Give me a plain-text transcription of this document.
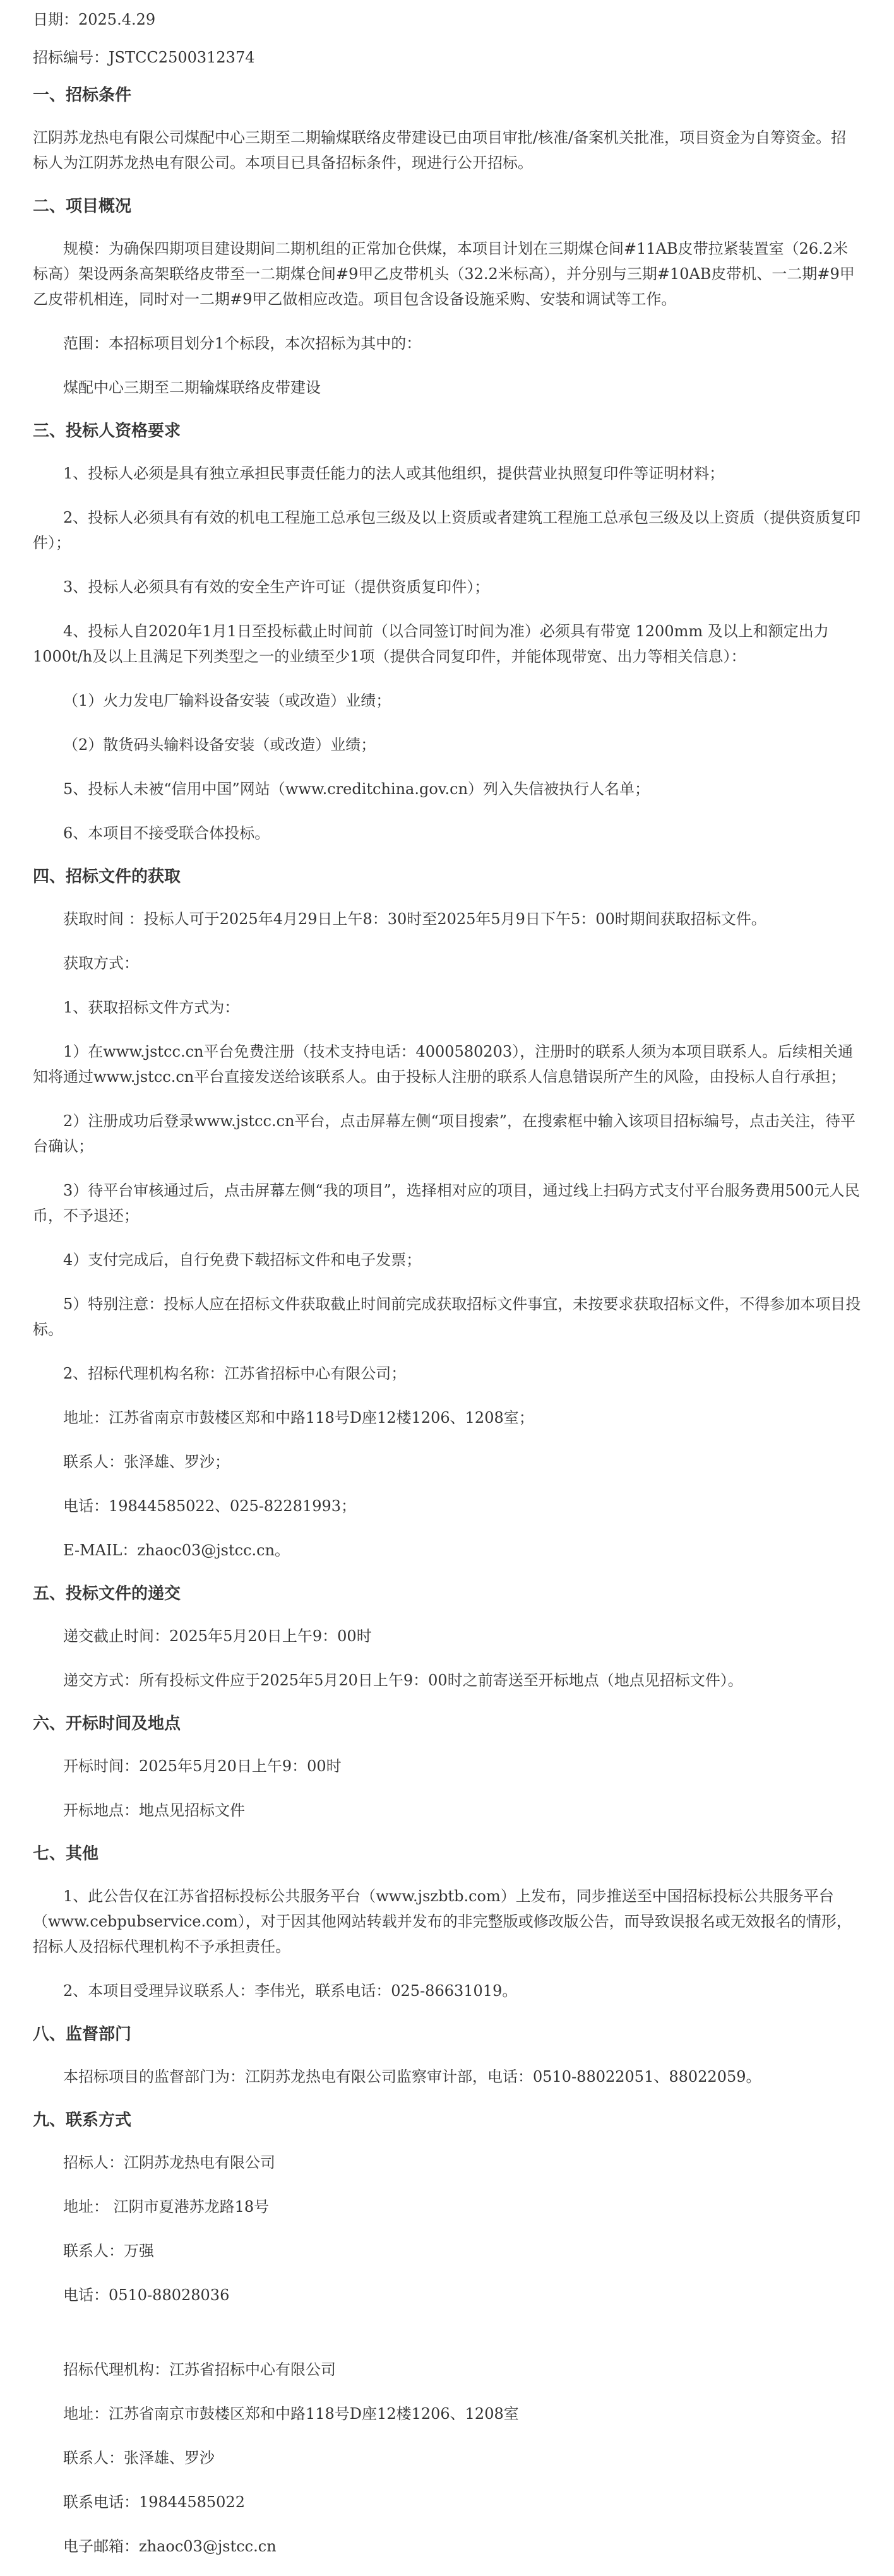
日期：2025.4.29
招标编号：JSTCC2500312374
一、招标条件
江阴苏龙热电有限公司煤配中心三期至二期输煤联络皮带建设已由项目审批/核准/备案机关批准，项目资金为自筹资金。招标人为江阴苏龙热电有限公司。本项目已具备招标条件，现进行公开招标。
二、项目概况
规模：为确保四期项目建设期间二期机组的正常加仓供煤，本项目计划在三期煤仓间#11AB皮带拉紧装置室（26.2米标高）架设两条高架联络皮带至一二期煤仓间#9甲乙皮带机头（32.2米标高），并分别与三期#10AB皮带机、一二期#9甲乙皮带机相连，同时对一二期#9甲乙做相应改造。项目包含设备设施采购、安装和调试等工作。
范围：本招标项目划分1个标段，本次招标为其中的：
煤配中心三期至二期输煤联络皮带建设
三、投标人资格要求
1、投标人必须是具有独立承担民事责任能力的法人或其他组织，提供营业执照复印件等证明材料；
2、投标人必须具有有效的机电工程施工总承包三级及以上资质或者建筑工程施工总承包三级及以上资质（提供资质复印件）；
3、投标人必须具有有效的安全生产许可证（提供资质复印件）；
4、投标人自2020年1月1日至投标截止时间前（以合同签订时间为准）必须具有带宽 1200mm 及以上和额定出力1000t/h及以上且满足下列类型之一的业绩至少1项（提供合同复印件，并能体现带宽、出力等相关信息）：
（1）火力发电厂输料设备安装（或改造）业绩；
（2）散货码头输料设备安装（或改造）业绩；
5、投标人未被“信用中国”网站（www.creditchina.gov.cn）列入失信被执行人名单；
6、本项目不接受联合体投标。
四、招标文件的获取
获取时间 ：投标人可于2025年4月29日上午8：30时至2025年5月9日下午5：00时期间获取招标文件。
获取方式：
1、获取招标文件方式为：
1）在www.jstcc.cn平台免费注册（技术支持电话：4000580203），注册时的联系人须为本项目联系人。后续相关通知将通过www.jstcc.cn平台直接发送给该联系人。由于投标人注册的联系人信息错误所产生的风险，由投标人自行承担；
2）注册成功后登录www.jstcc.cn平台，点击屏幕左侧“项目搜索”，在搜索框中输入该项目招标编号，点击关注，待平台确认；
3）待平台审核通过后，点击屏幕左侧“我的项目”，选择相对应的项目，通过线上扫码方式支付平台服务费用500元人民币，不予退还；
4）支付完成后，自行免费下载招标文件和电子发票；
5）特别注意：投标人应在招标文件获取截止时间前完成获取招标文件事宜，未按要求获取招标文件，不得参加本项目投标。
2、招标代理机构名称：江苏省招标中心有限公司；
地址：江苏省南京市鼓楼区郑和中路118号D座12楼1206、1208室；
联系人：张泽雄、罗沙；
电话：19844585022、025-82281993；
E-MAIL：zhaoc03@jstcc.cn。
五、投标文件的递交
递交截止时间：2025年5月20日上午9：00时
递交方式：所有投标文件应于2025年5月20日上午9：00时之前寄送至开标地点（地点见招标文件）。
六、开标时间及地点
开标时间：2025年5月20日上午9：00时
开标地点：地点见招标文件
七、其他
1、此公告仅在江苏省招标投标公共服务平台（www.jszbtb.com）上发布，同步推送至中国招标投标公共服务平台（www.cebpubservice.com），对于因其他网站转载并发布的非完整版或修改版公告，而导致误报名或无效报名的情形，招标人及招标代理机构不予承担责任。
2、本项目受理异议联系人：李伟光，联系电话：025-86631019。
八、监督部门
本招标项目的监督部门为：江阴苏龙热电有限公司监察审计部，电话：0510-88022051、88022059。
九、联系方式
招标人：江阴苏龙热电有限公司
地址： 江阴市夏港苏龙路18号
联系人：万强
电话：0510-88028036
招标代理机构：江苏省招标中心有限公司
地址：江苏省南京市鼓楼区郑和中路118号D座12楼1206、1208室
联系人：张泽雄、罗沙
联系电话：19844585022
电子邮箱：zhaoc03@jstcc.cn
